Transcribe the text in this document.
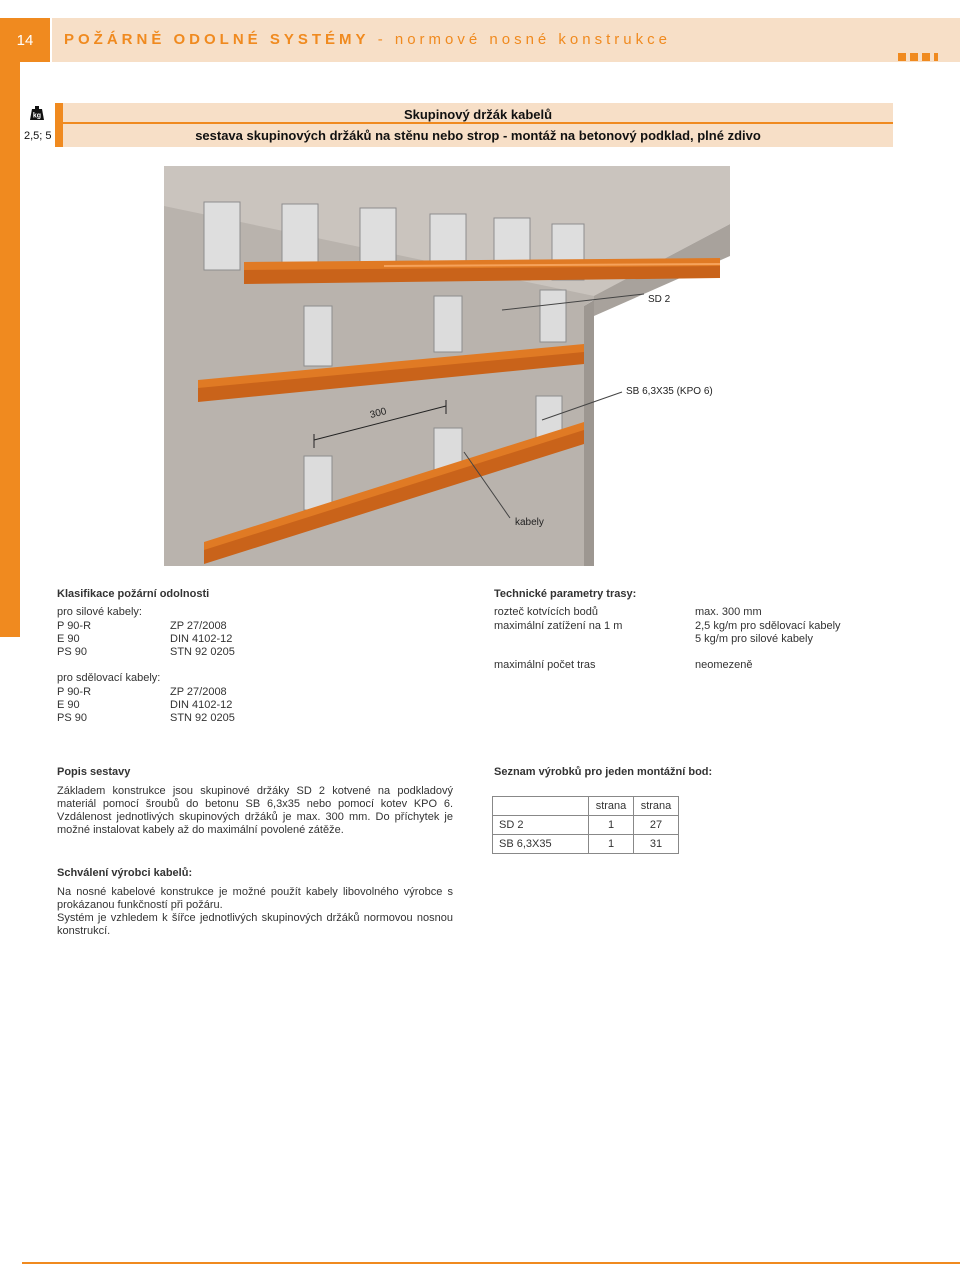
14 POŽÁRNĚ ODOLNÉ SYSTÉMY - normové nosné konstrukce
kg
2,5; 5
Skupinový držák kabelů
sestava skupinových držáků na stěnu nebo strop - montáž na betonový podklad, plné zdivo
SD 2
SB 6,3X35 (KPO 6)
300
kabely
Klasifikace požární odolnosti
pro silové kabely:
P 90-R	ZP 27/2008
E 90	DIN 4102-12
PS 90	STN 92 0205
pro sdělovací kabely:
P 90-R	ZP 27/2008
E 90	DIN 4102-12
PS 90	STN 92 0205
Technické parametry trasy:
rozteč kotvících bodů	max. 300 mm
maximální zatížení na 1 m	2,5 kg/m pro sdělovací kabely
5 kg/m pro silové kabely
maximální počet tras	neomezeně
Popis sestavy
Základem konstrukce jsou skupinové držáky SD 2 kotvené na podkladový materiál pomocí šroubů do betonu SB 6,3x35 nebo pomocí kotev KPO 6. Vzdálenost jednotlivých skupinových držáků je max. 300 mm. Do příchytek je možné instalovat kabely až do maximální povolené zátěže.
Schválení výrobci kabelů:
Na nosné kabelové konstrukce je možné použít kabely libovolného výrobce s prokázanou funkčností při požáru.
Systém je vzhledem k šířce jednotlivých skupinových držáků normovou nosnou konstrukcí.
Seznam výrobků pro jeden montážní bod:
	strana	strana
SD 2	1	27
SB 6,3X35	1	31
